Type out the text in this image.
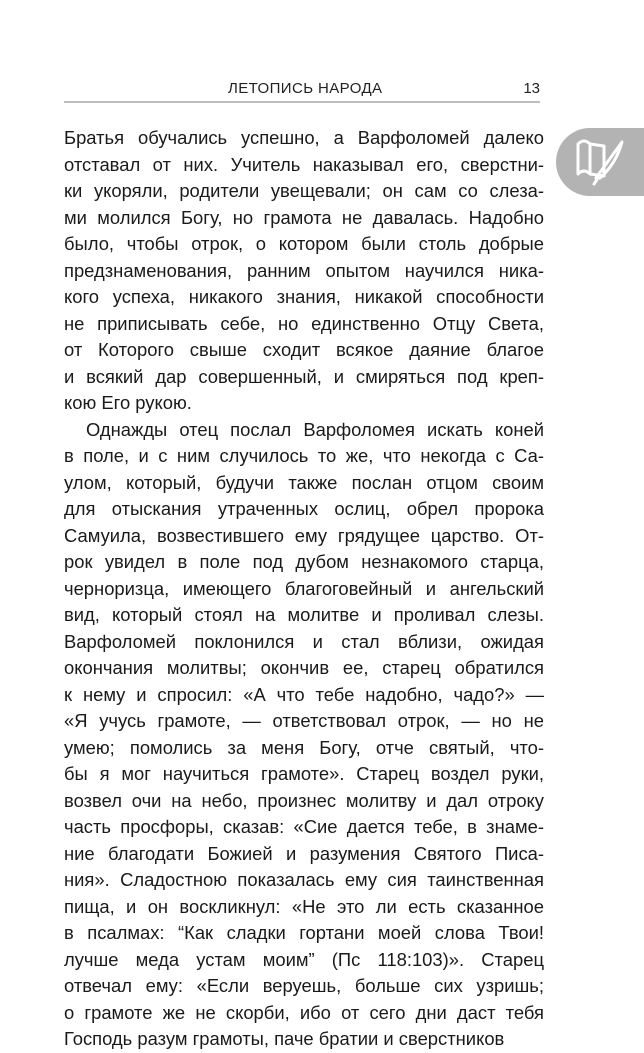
ЛЕТОПИСЬ НАРОДА	13
Братья обучались успешно, а Варфоломей далеко
отставал от них. Учитель наказывал его, сверстни-
ки укоряли, родители увещевали; он сам со слеза-
ми молился Богу, но грамота не давалась. Надобно
было, чтобы отрок, о котором были столь добрые
предзнаменования, ранним опытом научился ника-
кого успеха, никакого знания, никакой способности
не приписывать себе, но единственно Отцу Света,
от Которого свыше сходит всякое даяние благое
и всякий дар совершенный, и смиряться под креп-
кою Его рукою.
Однажды отец послал Варфоломея искать коней
в поле, и с ним случилось то же, что некогда с Са-
улом, который, будучи также послан отцом своим
для отыскания утраченных ослиц, обрел пророка
Самуила, возвестившего ему грядущее царство. От-
рок увидел в поле под дубом незнакомого старца,
черноризца, имеющего благоговейный и ангельский
вид, который стоял на молитве и проливал слезы.
Варфоломей поклонился и стал вблизи, ожидая
окончания молитвы; окончив ее, старец обратился
к нему и спросил: «А что тебе надобно, чадо?» —
«Я учусь грамоте, — ответствовал отрок, — но не
умею; помолись за меня Богу, отче святый, что-
бы я мог научиться грамоте». Старец воздел руки,
возвел очи на небо, произнес молитву и дал отроку
часть просфоры, сказав: «Сие дается тебе, в знаме-
ние благодати Божией и разумения Святого Писа-
ния». Сладостною показалась ему сия таинственная
пища, и он воскликнул: «Не это ли есть сказанное
в псалмах: “Как сладки гортани моей слова Твои!
лучше меда устам моим” (Пс 118:103)». Старец
отвечал ему: «Если веруешь, больше сих узришь;
о грамоте же не скорби, ибо от сего дни даст тебя
Господь разум грамоты, паче братии и сверстников
